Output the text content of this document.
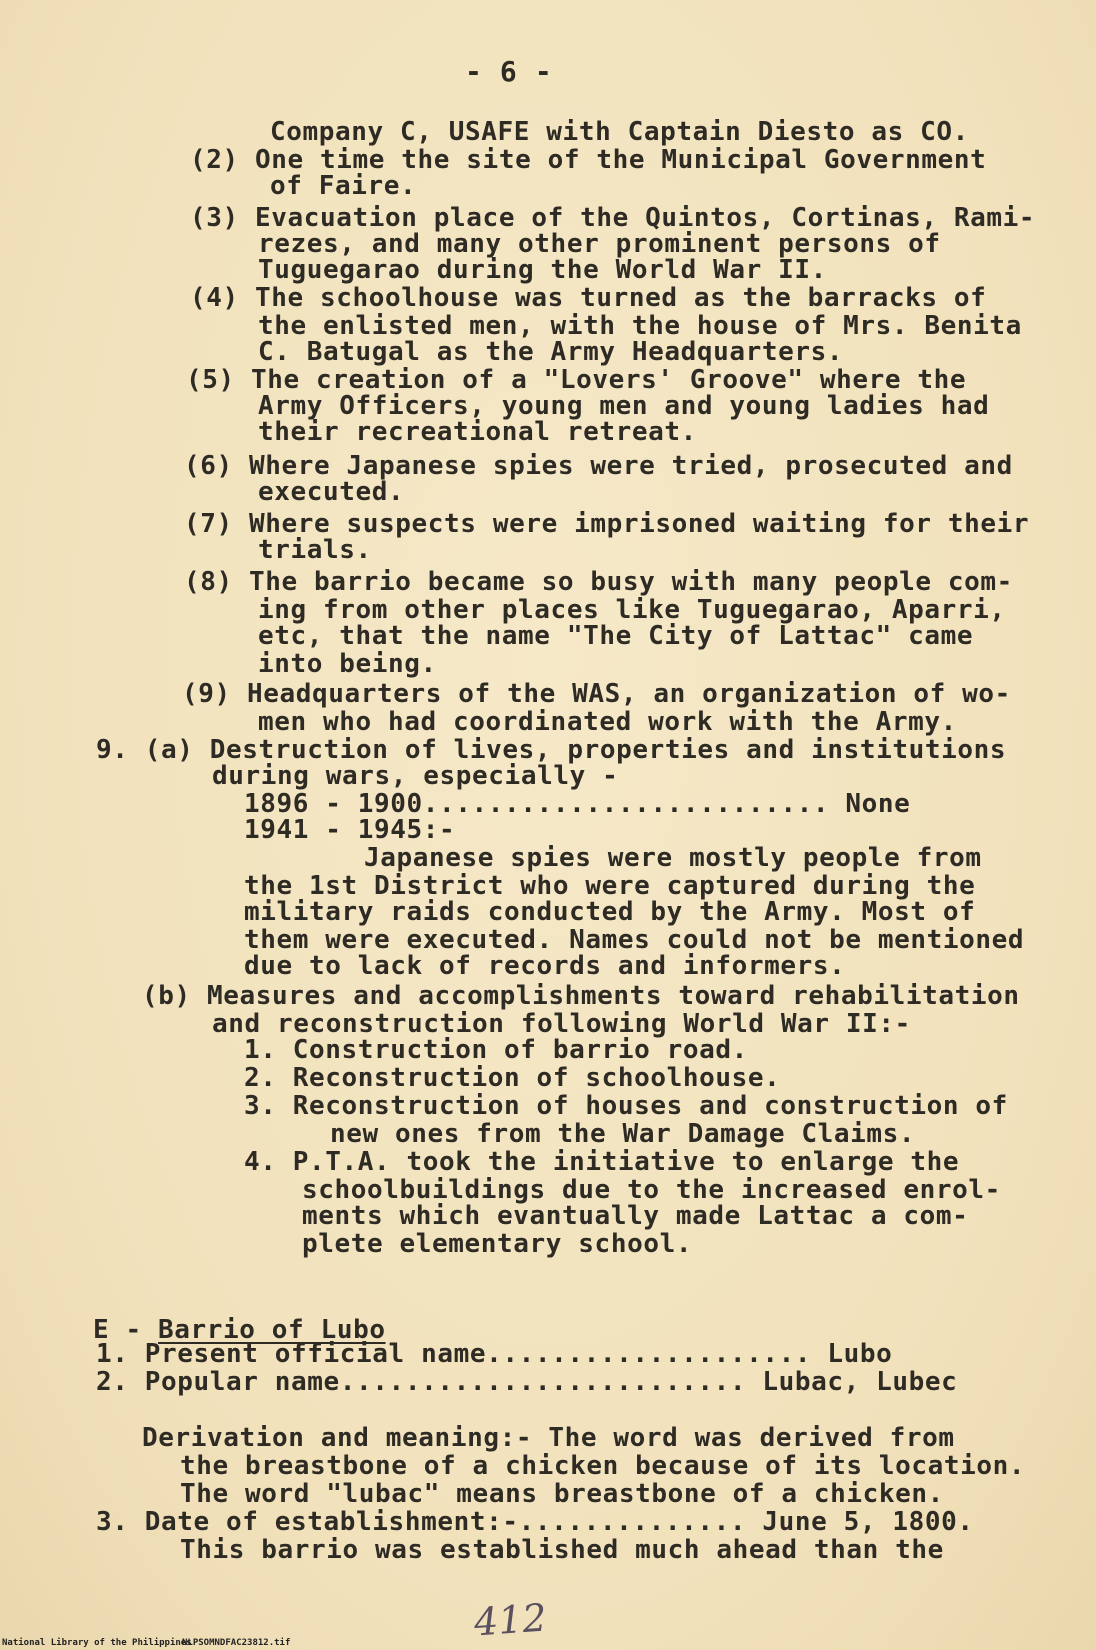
- 6 -
Company C, USAFE with Captain Diesto as CO.
(2) One time the site of the Municipal Government
of Faire.
(3) Evacuation place of the Quintos, Cortinas, Rami-
rezes, and many other prominent persons of
Tuguegarao during the World War II.
(4) The schoolhouse was turned as the barracks of
the enlisted men, with the house of Mrs. Benita
C. Batugal as the Army Headquarters.
(5) The creation of a "Lovers' Groove" where the
Army Officers, young men and young ladies had
their recreational retreat.
(6) Where Japanese spies were tried, prosecuted and
executed.
(7) Where suspects were imprisoned waiting for their
trials.
(8) The barrio became so busy with many people com-
ing from other places like Tuguegarao, Aparri,
etc, that the name "The City of Lattac" came
into being.
(9) Headquarters of the WAS, an organization of wo-
men who had coordinated work with the Army.
9. (a) Destruction of lives, properties and institutions
during wars, especially -
1896 - 1900......................... None
1941 - 1945:-
Japanese spies were mostly people from
the 1st District who were captured during the
military raids conducted by the Army. Most of
them were executed. Names could not be mentioned
due to lack of records and informers.
(b) Measures and accomplishments toward rehabilitation
and reconstruction following World War II:-
1. Construction of barrio road.
2. Reconstruction of schoolhouse.
3. Reconstruction of houses and construction of
new ones from the War Damage Claims.
4. P.T.A. took the initiative to enlarge the
schoolbuildings due to the increased enrol-
ments which evantually made Lattac a com-
plete elementary school.

E - Barrio of Lubo

1. Present official name.................... Lubo
2. Popular name......................... Lubac, Lubec
Derivation and meaning:- The word was derived from
the breastbone of a chicken because of its location.
The word "lubac" means breastbone of a chicken.
3. Date of establishment:-.............. June 5, 1800.
This barrio was established much ahead than the
412
National Library of the Philippines
NLPSOMNDFAC23812.tif
